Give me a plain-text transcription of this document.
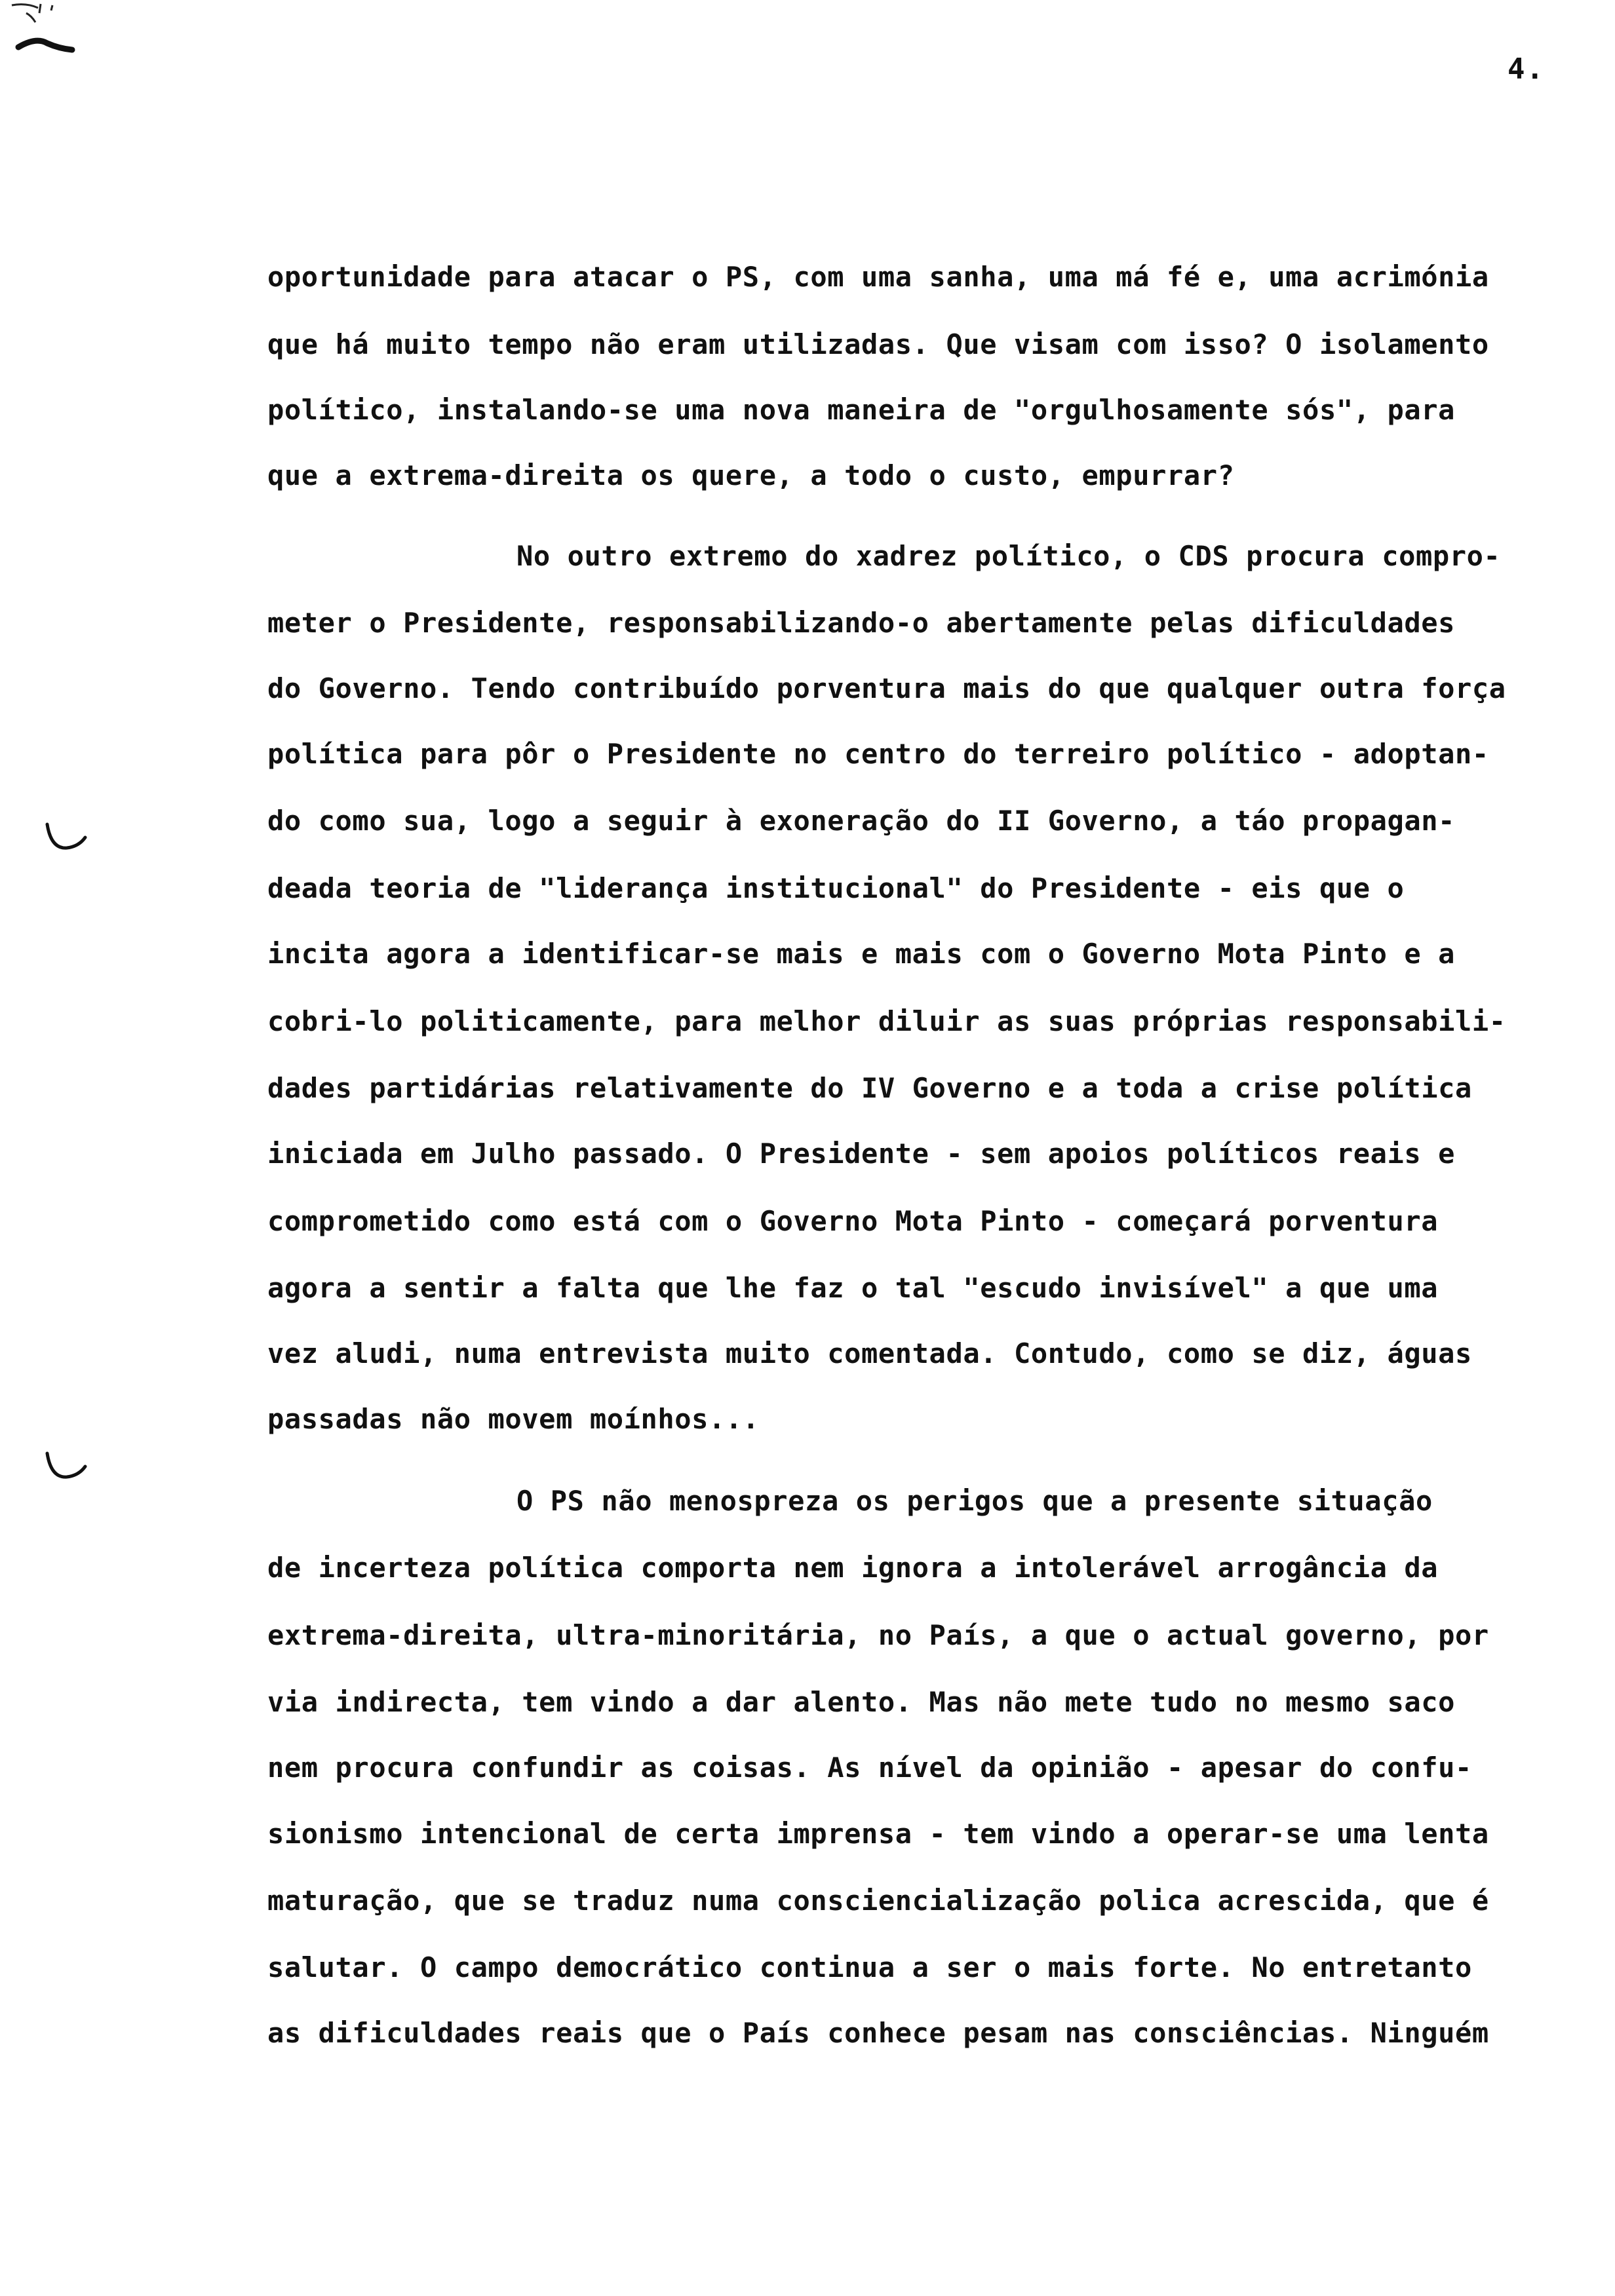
4.
oportunidade para atacar o PS, com uma sanha, uma má fé e, uma acrimónia
que há muito tempo não eram utilizadas. Que visam com isso? O isolamento
político, instalando-se uma nova maneira de "orgulhosamente sós", para
que a extrema-direita os quere, a todo o custo, empurrar?
No outro extremo do xadrez político, o CDS procura compro-
meter o Presidente, responsabilizando-o abertamente pelas dificuldades
do Governo. Tendo contribuído porventura mais do que qualquer outra força
política para pôr o Presidente no centro do terreiro político - adoptan-
do como sua, logo a seguir à exoneração do II Governo, a táo propagan-
deada teoria de "liderança institucional" do Presidente - eis que o
incita agora a identificar-se mais e mais com o Governo Mota Pinto e a
cobri-lo politicamente, para melhor diluir as suas próprias responsabili-
dades partidárias relativamente do IV Governo e a toda a crise política
iniciada em Julho passado. O Presidente - sem apoios políticos reais e
comprometido como está com o Governo Mota Pinto - começará porventura
agora a sentir a falta que lhe faz o tal "escudo invisível" a que uma
vez aludi, numa entrevista muito comentada. Contudo, como se diz, águas
passadas não movem moínhos...
O PS não menospreza os perigos que a presente situação
de incerteza política comporta nem ignora a intolerável arrogância da
extrema-direita, ultra-minoritária, no País, a que o actual governo, por
via indirecta, tem vindo a dar alento. Mas não mete tudo no mesmo saco
nem procura confundir as coisas. As nível da opinião - apesar do confu-
sionismo intencional de certa imprensa - tem vindo a operar-se uma lenta
maturação, que se traduz numa consciencialização polica acrescida, que é
salutar. O campo democrático continua a ser o mais forte. No entretanto
as dificuldades reais que o País conhece pesam nas consciências. Ninguém
